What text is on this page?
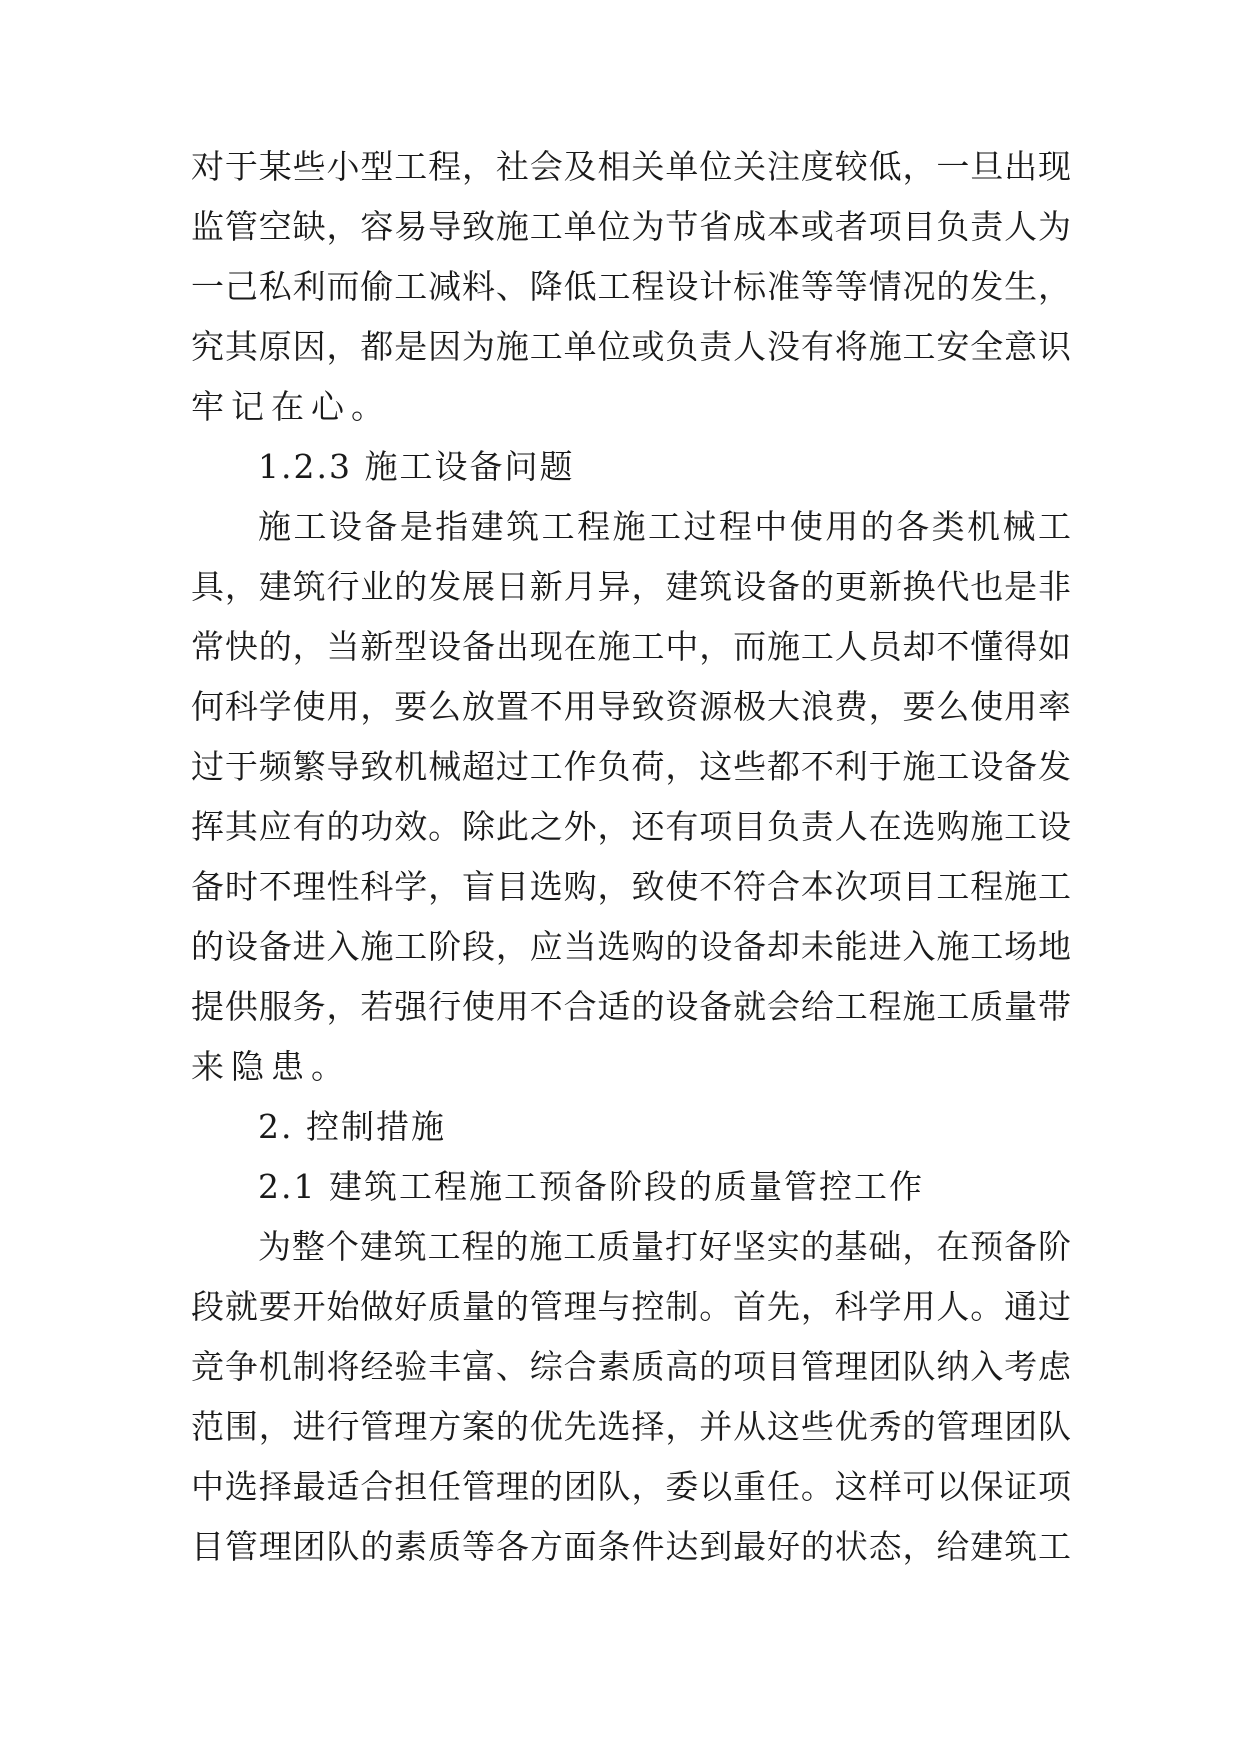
对于某些小型工程，社会及相关单位关注度较低，一旦出现
监管空缺，容易导致施工单位为节省成本或者项目负责人为
一己私利而偷工减料、降低工程设计标准等等情况的发生，
究其原因，都是因为施工单位或负责人没有将施工安全意识
牢记在心。
1.2.3 施工设备问题
施工设备是指建筑工程施工过程中使用的各类机械工
具，建筑行业的发展日新月异，建筑设备的更新换代也是非
常快的，当新型设备出现在施工中，而施工人员却不懂得如
何科学使用，要么放置不用导致资源极大浪费，要么使用率
过于频繁导致机械超过工作负荷，这些都不利于施工设备发
挥其应有的功效。除此之外，还有项目负责人在选购施工设
备时不理性科学，盲目选购，致使不符合本次项目工程施工
的设备进入施工阶段，应当选购的设备却未能进入施工场地
提供服务，若强行使用不合适的设备就会给工程施工质量带
来隐患。
2. 控制措施
2.1 建筑工程施工预备阶段的质量管控工作
为整个建筑工程的施工质量打好坚实的基础，在预备阶
段就要开始做好质量的管理与控制。首先，科学用人。通过
竞争机制将经验丰富、综合素质高的项目管理团队纳入考虑
范围，进行管理方案的优先选择，并从这些优秀的管理团队
中选择最适合担任管理的团队，委以重任。这样可以保证项
目管理团队的素质等各方面条件达到最好的状态，给建筑工
